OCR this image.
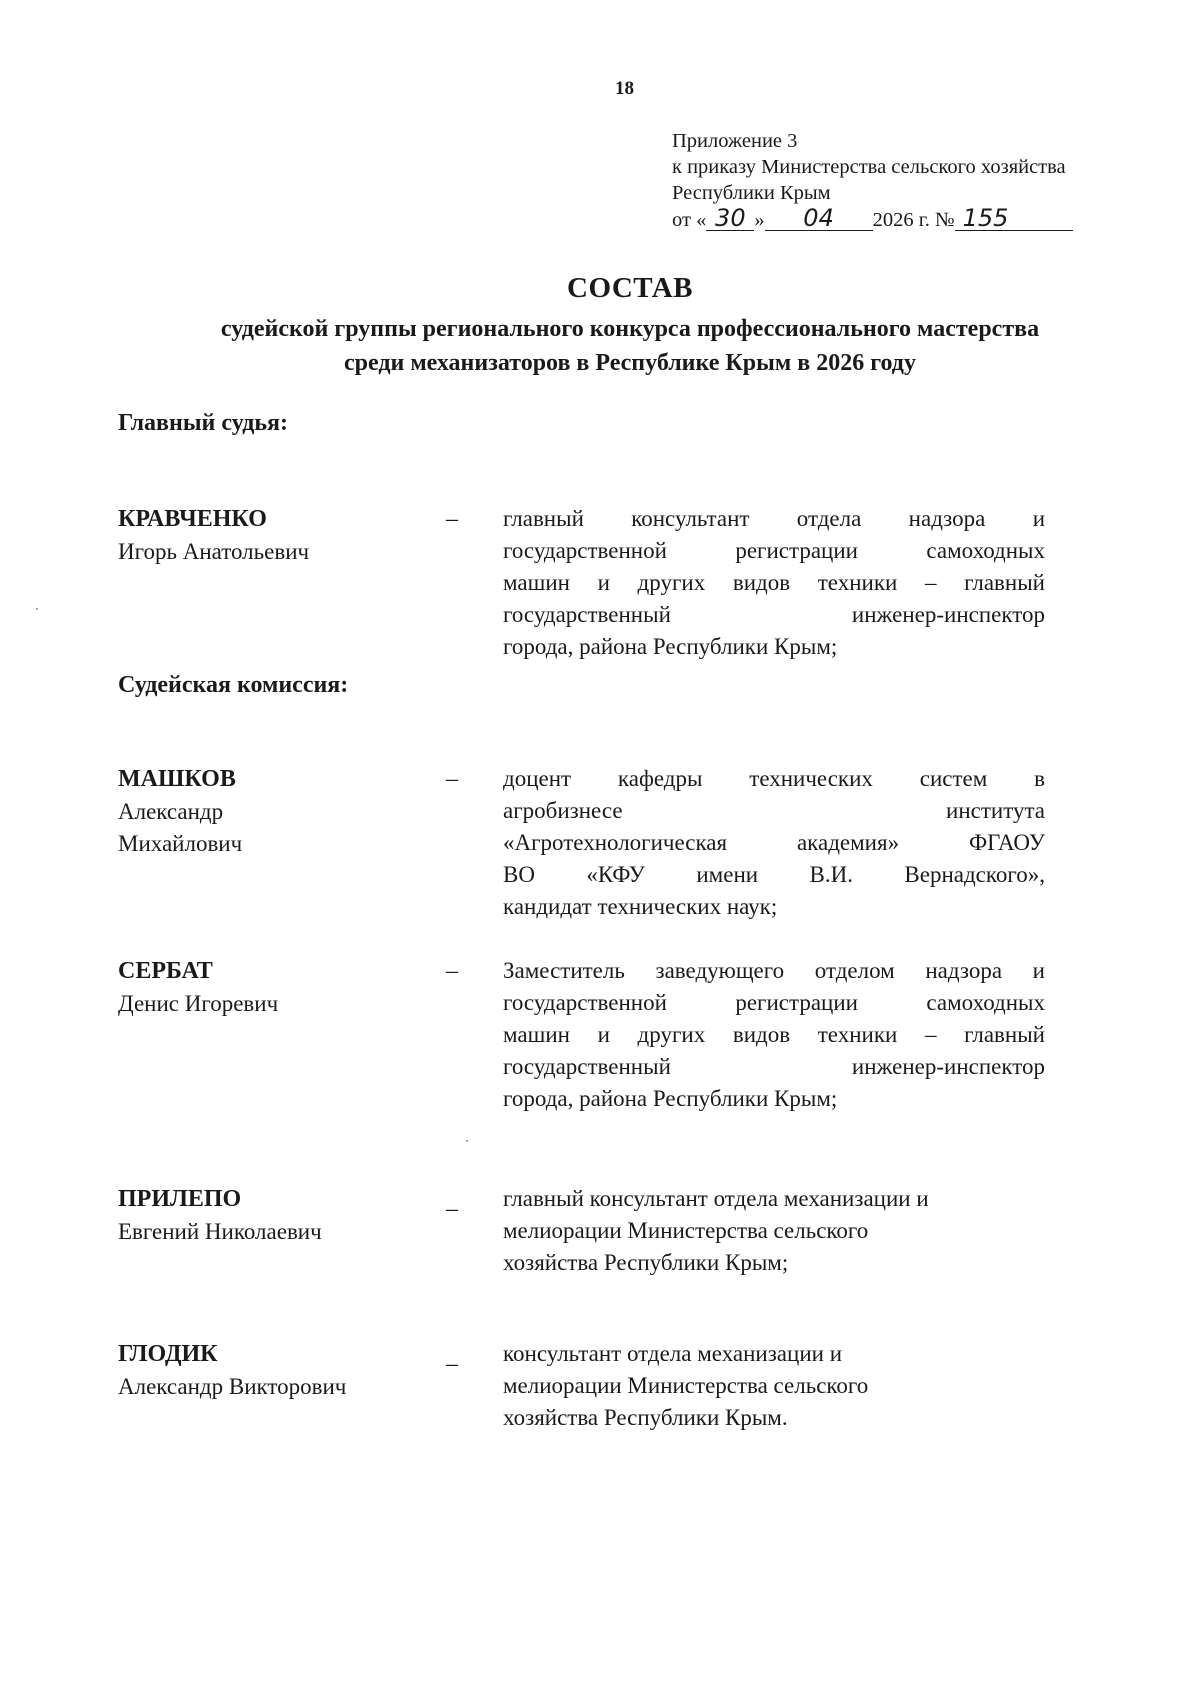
18
Приложение 3
к приказу Министерства сельского хозяйства
Республики Крым
от « 30 » 04 2026 г. № 155
СОСТАВ
судейской группы регионального конкурса профессионального мастерства
среди механизаторов в Республике Крым в 2026 году
Главный судья:
КРАВЧЕНКО
Игорь Анатольевич
– главный консультант отдела надзора и
государственной регистрации самоходных
машин и других видов техники – главный
государственный инженер-инспектор
города, района Республики Крым;
Судейская комиссия:
МАШКОВ
Александр Михайлович
– доцент кафедры технических систем в
агробизнесе института
«Агротехнологическая академия» ФГАОУ
ВО «КФУ имени В.И. Вернадского»,
кандидат технических наук;
СЕРБАТ
Денис Игоревич
– Заместитель заведующего отделом надзора и
государственной регистрации самоходных
машин и других видов техники – главный
государственный инженер-инспектор
города, района Республики Крым;
ПРИЛЕПО
Евгений Николаевич
– главный консультант отдела механизации и
мелиорации Министерства сельского
хозяйства Республики Крым;
ГЛОДИК
Александр Викторович
– консультант отдела механизации и
мелиорации Министерства сельского
хозяйства Республики Крым.
